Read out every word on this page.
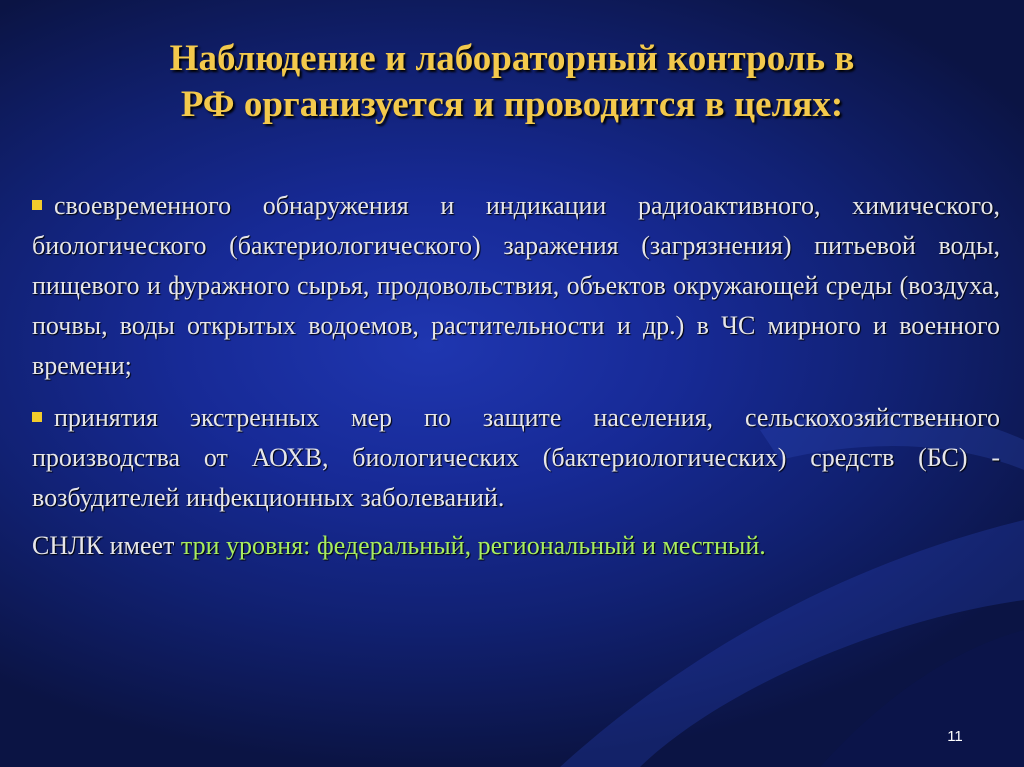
Наблюдение и лабораторный контроль в
РФ организуется и проводится в целях:
своевременного обнаружения и индикации радиоактивного, химического, биологического (бактериологического) заражения (загрязнения) питьевой воды, пищевого и фуражного сырья, продовольствия, объектов окружающей среды (воздуха, почвы, воды открытых водоемов, растительности и др.) в ЧС мирного и военного времени;
принятия экстренных мер по защите населения, сельскохозяйственного производства от АОХВ, биологических (бактериологических) средств (БС) - возбудителей инфекционных заболеваний.
СНЛК имеет три уровня: федеральный, региональный и местный.
11
